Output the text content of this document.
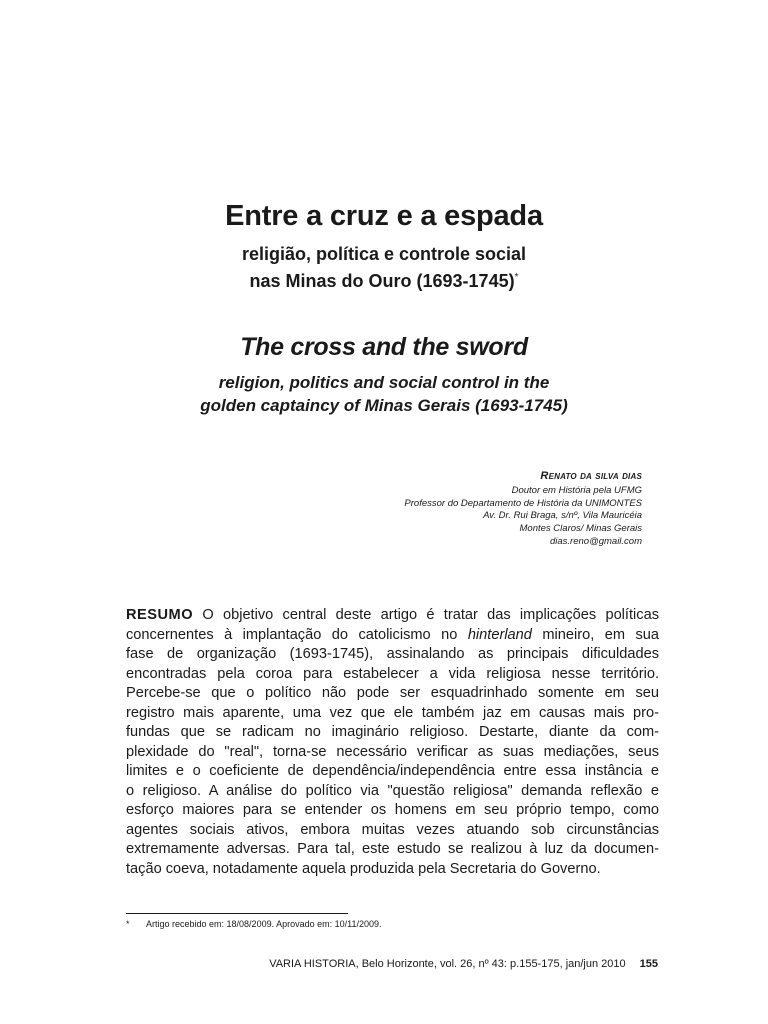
Entre a cruz e a espada
religião, política e controle social
nas Minas do Ouro (1693-1745)*
The cross and the sword
religion, politics and social control in the
golden captaincy of Minas Gerais (1693-1745)
Renato da silva dias
Doutor em História pela UFMG
Professor do Departamento de História da UNIMONTES
Av. Dr. Rui Braga, s/nº, Vila Mauricéia
Montes Claros/ Minas Gerais
dias.reno@gmail.com
RESUMO O objetivo central deste artigo é tratar das implicações políticas
concernentes à implantação do catolicismo no hinterland mineiro, em sua
fase de organização (1693-1745), assinalando as principais dificuldades
encontradas pela coroa para estabelecer a vida religiosa nesse território.
Percebe-se que o político não pode ser esquadrinhado somente em seu
registro mais aparente, uma vez que ele também jaz em causas mais pro-
fundas que se radicam no imaginário religioso. Destarte, diante da com-
plexidade do "real", torna-se necessário verificar as suas mediações, seus
limites e o coeficiente de dependência/independência entre essa instância e
o religioso. A análise do político via "questão religiosa" demanda reflexão e
esforço maiores para se entender os homens em seu próprio tempo, como
agentes sociais ativos, embora muitas vezes atuando sob circunstâncias
extremamente adversas. Para tal, este estudo se realizou à luz da documen-
tação coeva, notadamente aquela produzida pela Secretaria do Governo.
* Artigo recebido em: 18/08/2009. Aprovado em: 10/11/2009.
VARIA HISTORIA, Belo Horizonte, vol. 26, nº 43: p.155-175, jan/jun 2010 155
